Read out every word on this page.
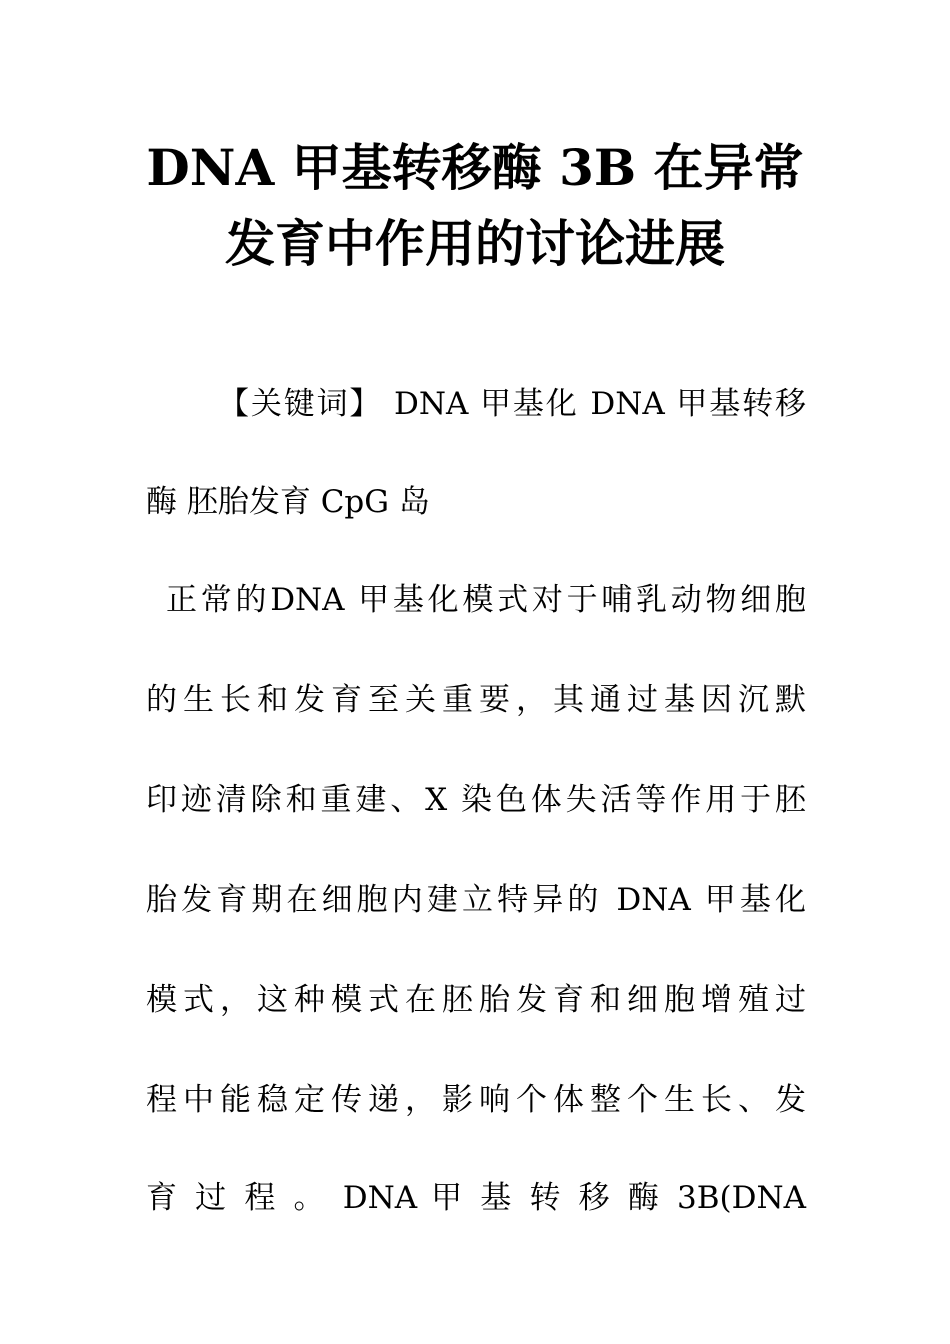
DNA 甲基转移酶 3B 在异常
发育中作用的讨论进展

【关键词】 DNA 甲基化 DNA 甲基转移

酶 胚胎发育 CpG 岛

正常的DNA 甲基化模式对于哺乳动物细胞

的生长和发育至关重要，其通过基因沉默

印迹清除和重建、X 染色体失活等作用于胚

胎发育期在细胞内建立特异的 DNA 甲基化

模式，这种模式在胚胎发育和细胞增殖过

程中能稳定传递，影响个体整个生长、发

育 过 程 。 DNA 甲 基 转 移 酶 3B(DNA
